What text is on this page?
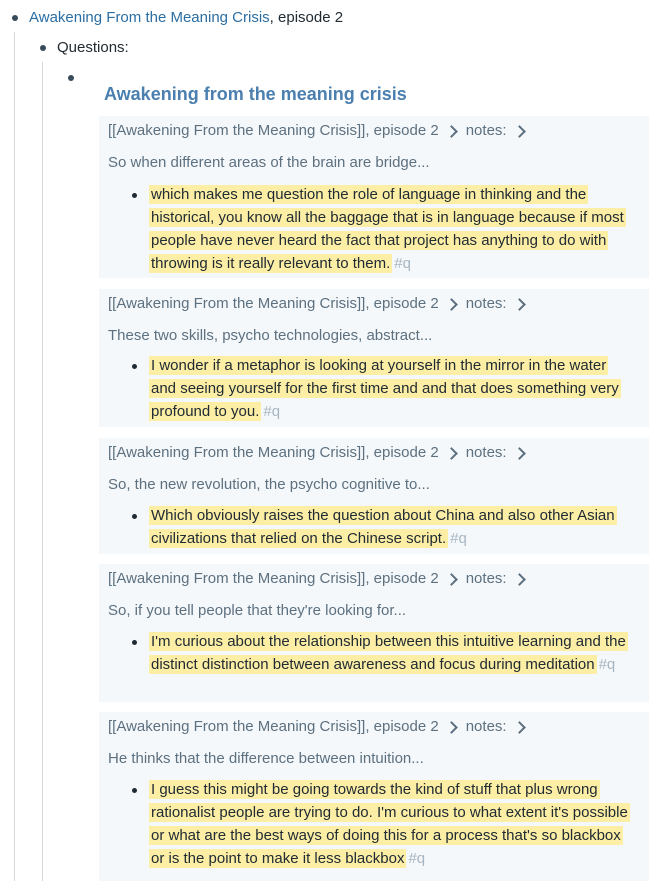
Awakening From the Meaning Crisis, episode 2
Questions:
Awakening from the meaning crisis
[[Awakening From the Meaning Crisis]], episode 2 notes:
So when different areas of the brain are bridge...
which makes me question the role of language in thinking and the historical, you know all the baggage that is in language because if most people have never heard the fact that project has anything to do with throwing is it really relevant to them. #q
[[Awakening From the Meaning Crisis]], episode 2 notes:
These two skills, psycho technologies, abstract...
I wonder if a metaphor is looking at yourself in the mirror in the water and seeing yourself for the first time and and that does something very profound to you. #q
[[Awakening From the Meaning Crisis]], episode 2 notes:
So, the new revolution, the psycho cognitive to...
Which obviously raises the question about China and also other Asian civilizations that relied on the Chinese script. #q
[[Awakening From the Meaning Crisis]], episode 2 notes:
So, if you tell people that they're looking for...
I'm curious about the relationship between this intuitive learning and the distinct distinction between awareness and focus during meditation #q
[[Awakening From the Meaning Crisis]], episode 2 notes:
He thinks that the difference between intuition...
I guess this might be going towards the kind of stuff that plus wrong rationalist people are trying to do. I'm curious to what extent it's possible or what are the best ways of doing this for a process that's so blackbox or is the point to make it less blackbox #q
